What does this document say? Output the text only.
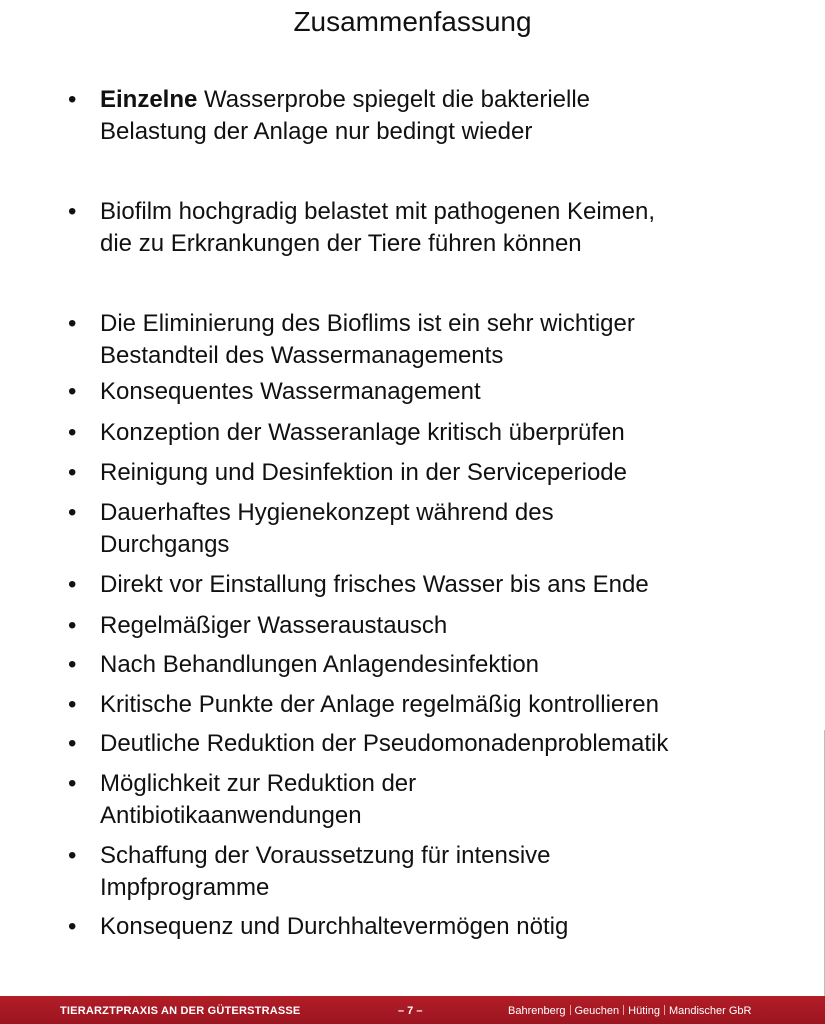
Zusammenfassung
• Einzelne Wasserprobe spiegelt die bakterielle
Belastung der Anlage nur bedingt wieder
• Biofilm hochgradig belastet mit pathogenen Keimen,
die zu Erkrankungen der Tiere führen können
• Die Eliminierung des Bioflims ist ein sehr wichtiger
Bestandteil des Wassermanagements
• Konsequentes Wassermanagement
• Konzeption der Wasseranlage kritisch überprüfen
• Reinigung und Desinfektion in der Serviceperiode
• Dauerhaftes Hygienekonzept während des
Durchgangs
• Direkt vor Einstallung frisches Wasser bis ans Ende
• Regelmäßiger Wasseraustausch
• Nach Behandlungen Anlagendesinfektion
• Kritische Punkte der Anlage regelmäßig kontrollieren
• Deutliche Reduktion der Pseudomonadenproblematik
• Möglichkeit zur Reduktion der
Antibiotikaanwendungen
• Schaffung der Voraussetzung für intensive
Impfprogramme
• Konsequenz und Durchhaltevermögen nötig
TIERARZTPRAXIS AN DER GÜTERSTRASSE	– 7 –	Bahrenberg Geuchen Hüting Mandischer GbR
